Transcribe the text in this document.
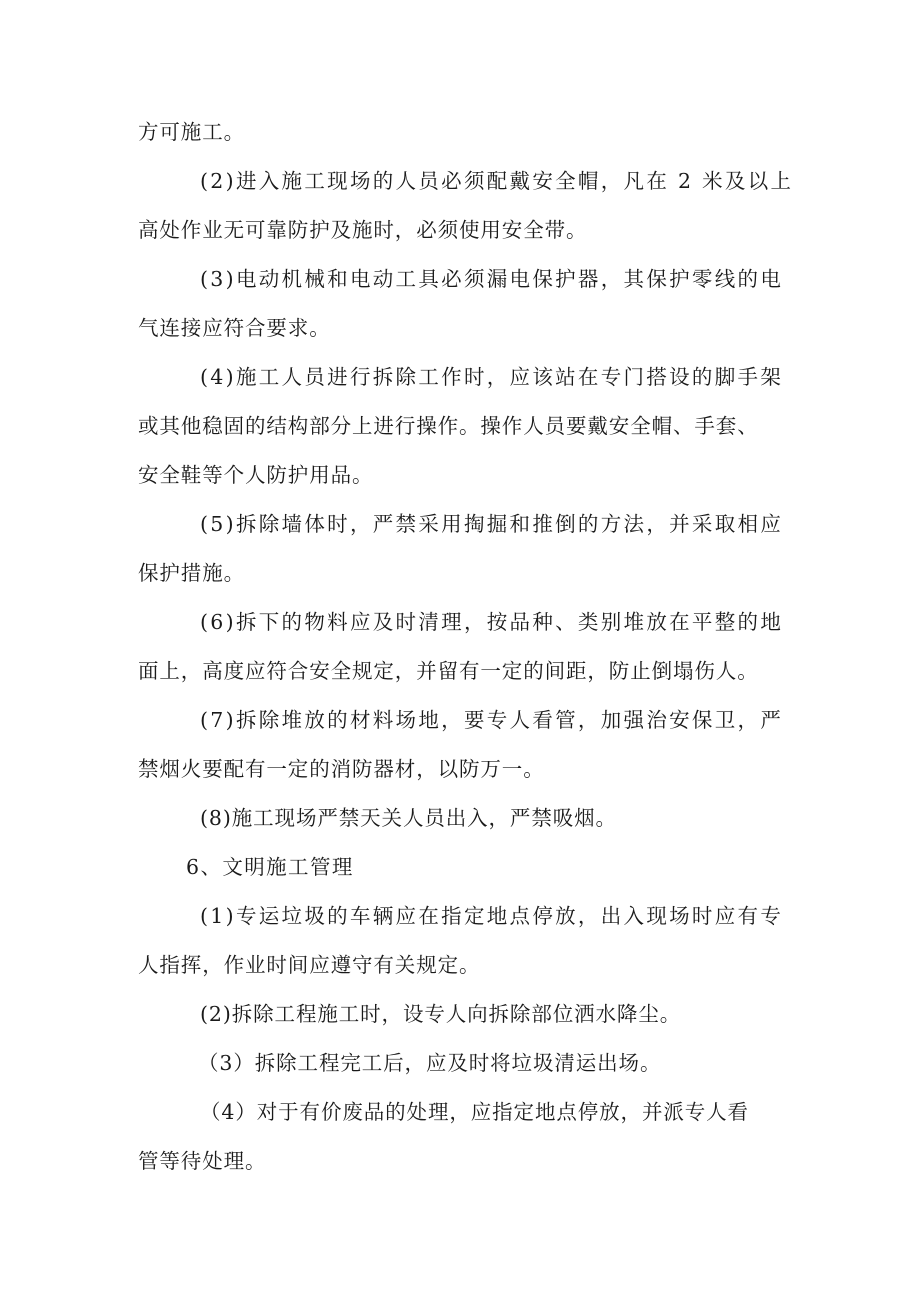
方可施工。

(2)进入施工现场的人员必须配戴安全帽，凡在 2 米及以上

高处作业无可靠防护及施时，必须使用安全带。

(3)电动机械和电动工具必须漏电保护器，其保护零线的电

气连接应符合要求。

(4)施工人员进行拆除工作时，应该站在专门搭设的脚手架

或其他稳固的结构部分上进行操作。操作人员要戴安全帽、手套、

安全鞋等个人防护用品。

(5)拆除墙体时，严禁采用掏掘和推倒的方法，并采取相应

保护措施。

(6)拆下的物料应及时清理，按品种、类别堆放在平整的地

面上，高度应符合安全规定，并留有一定的间距，防止倒塌伤人。

(7)拆除堆放的材料场地，要专人看管，加强治安保卫，严

禁烟火要配有一定的消防器材，以防万一。

(8)施工现场严禁天关人员出入，严禁吸烟。

6、文明施工管理

(1)专运垃圾的车辆应在指定地点停放，出入现场时应有专

人指挥，作业时间应遵守有关规定。

(2)拆除工程施工时，设专人向拆除部位洒水降尘。

（3）拆除工程完工后，应及时将垃圾清运出场。

（4）对于有价废品的处理，应指定地点停放，并派专人看

管等待处理。
